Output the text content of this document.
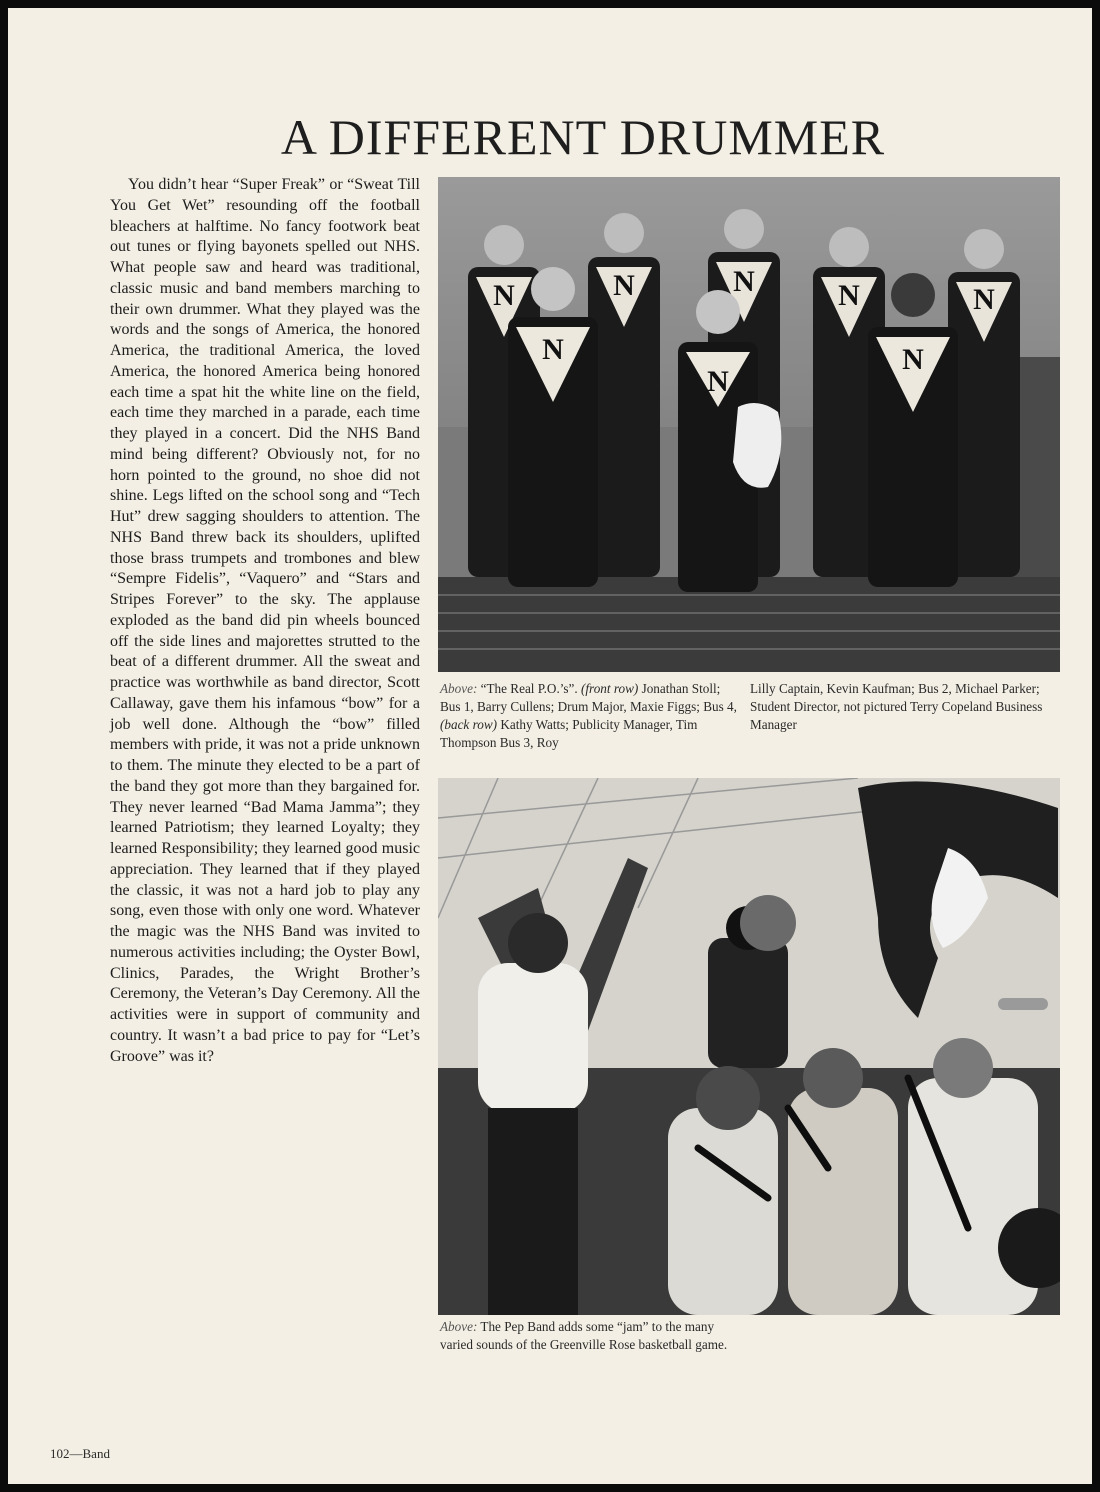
A DIFFERENT DRUMMER

You didn’t hear “Super Freak” or “Sweat Till You Get Wet” resounding off the football bleachers at halftime. No fancy footwork beat out tunes or flying bayonets spelled out NHS. What people saw and heard was traditional, classic music and band members marching to their own drummer. What they played was the words and the songs of America, the honored America, the traditional America, the loved America, the honored America being honored each time a spat hit the white line on the field, each time they marched in a parade, each time they played in a concert. Did the NHS Band mind being different? Obviously not, for no horn pointed to the ground, no shoe did not shine. Legs lifted on the school song and “Tech Hut” drew sagging shoulders to attention. The NHS Band threw back its shoulders, uplifted those brass trumpets and trombones and blew “Sempre Fidelis”, “Vaquero” and “Stars and Stripes Forever” to the sky. The applause exploded as the band did pin wheels bounced off the side lines and majorettes strutted to the beat of a different drummer. All the sweat and practice was worthwhile as band director, Scott Callaway, gave them his infamous “bow” for a job well done. Although the “bow” filled members with pride, it was not a pride unknown to them. The minute they elected to be a part of the band they got more than they bargained for. They never learned “Bad Mama Jamma”; they learned Patriotism; they learned Loyalty; they learned Responsibility; they learned good music appreciation. They learned that if they played the classic, it was not a hard job to play any song, even those with only one word. Whatever the magic was the NHS Band was invited to numerous activities including; the Oyster Bowl, Clinics, Parades, the Wright Brother’s Ceremony, the Veteran’s Day Ceremony. All the activities were in support of community and country. It wasn’t a bad price to pay for “Let’s Groove” was it?

N	N	N	N	N
N
N
N

Above: “The Real P.O.’s”. (front row) Jonathan Stoll; Bus 1, Barry Cullens; Drum Major, Maxie Figgs; Bus 4, (back row) Kathy Watts; Publicity Manager, Tim Thompson Bus 3, Roy

Lilly Captain, Kevin Kaufman; Bus 2, Michael Parker; Student Director, not pictured Terry Copeland Business Manager

Above: The Pep Band adds some “jam” to the many varied sounds of the Greenville Rose basketball game.

102—Band
